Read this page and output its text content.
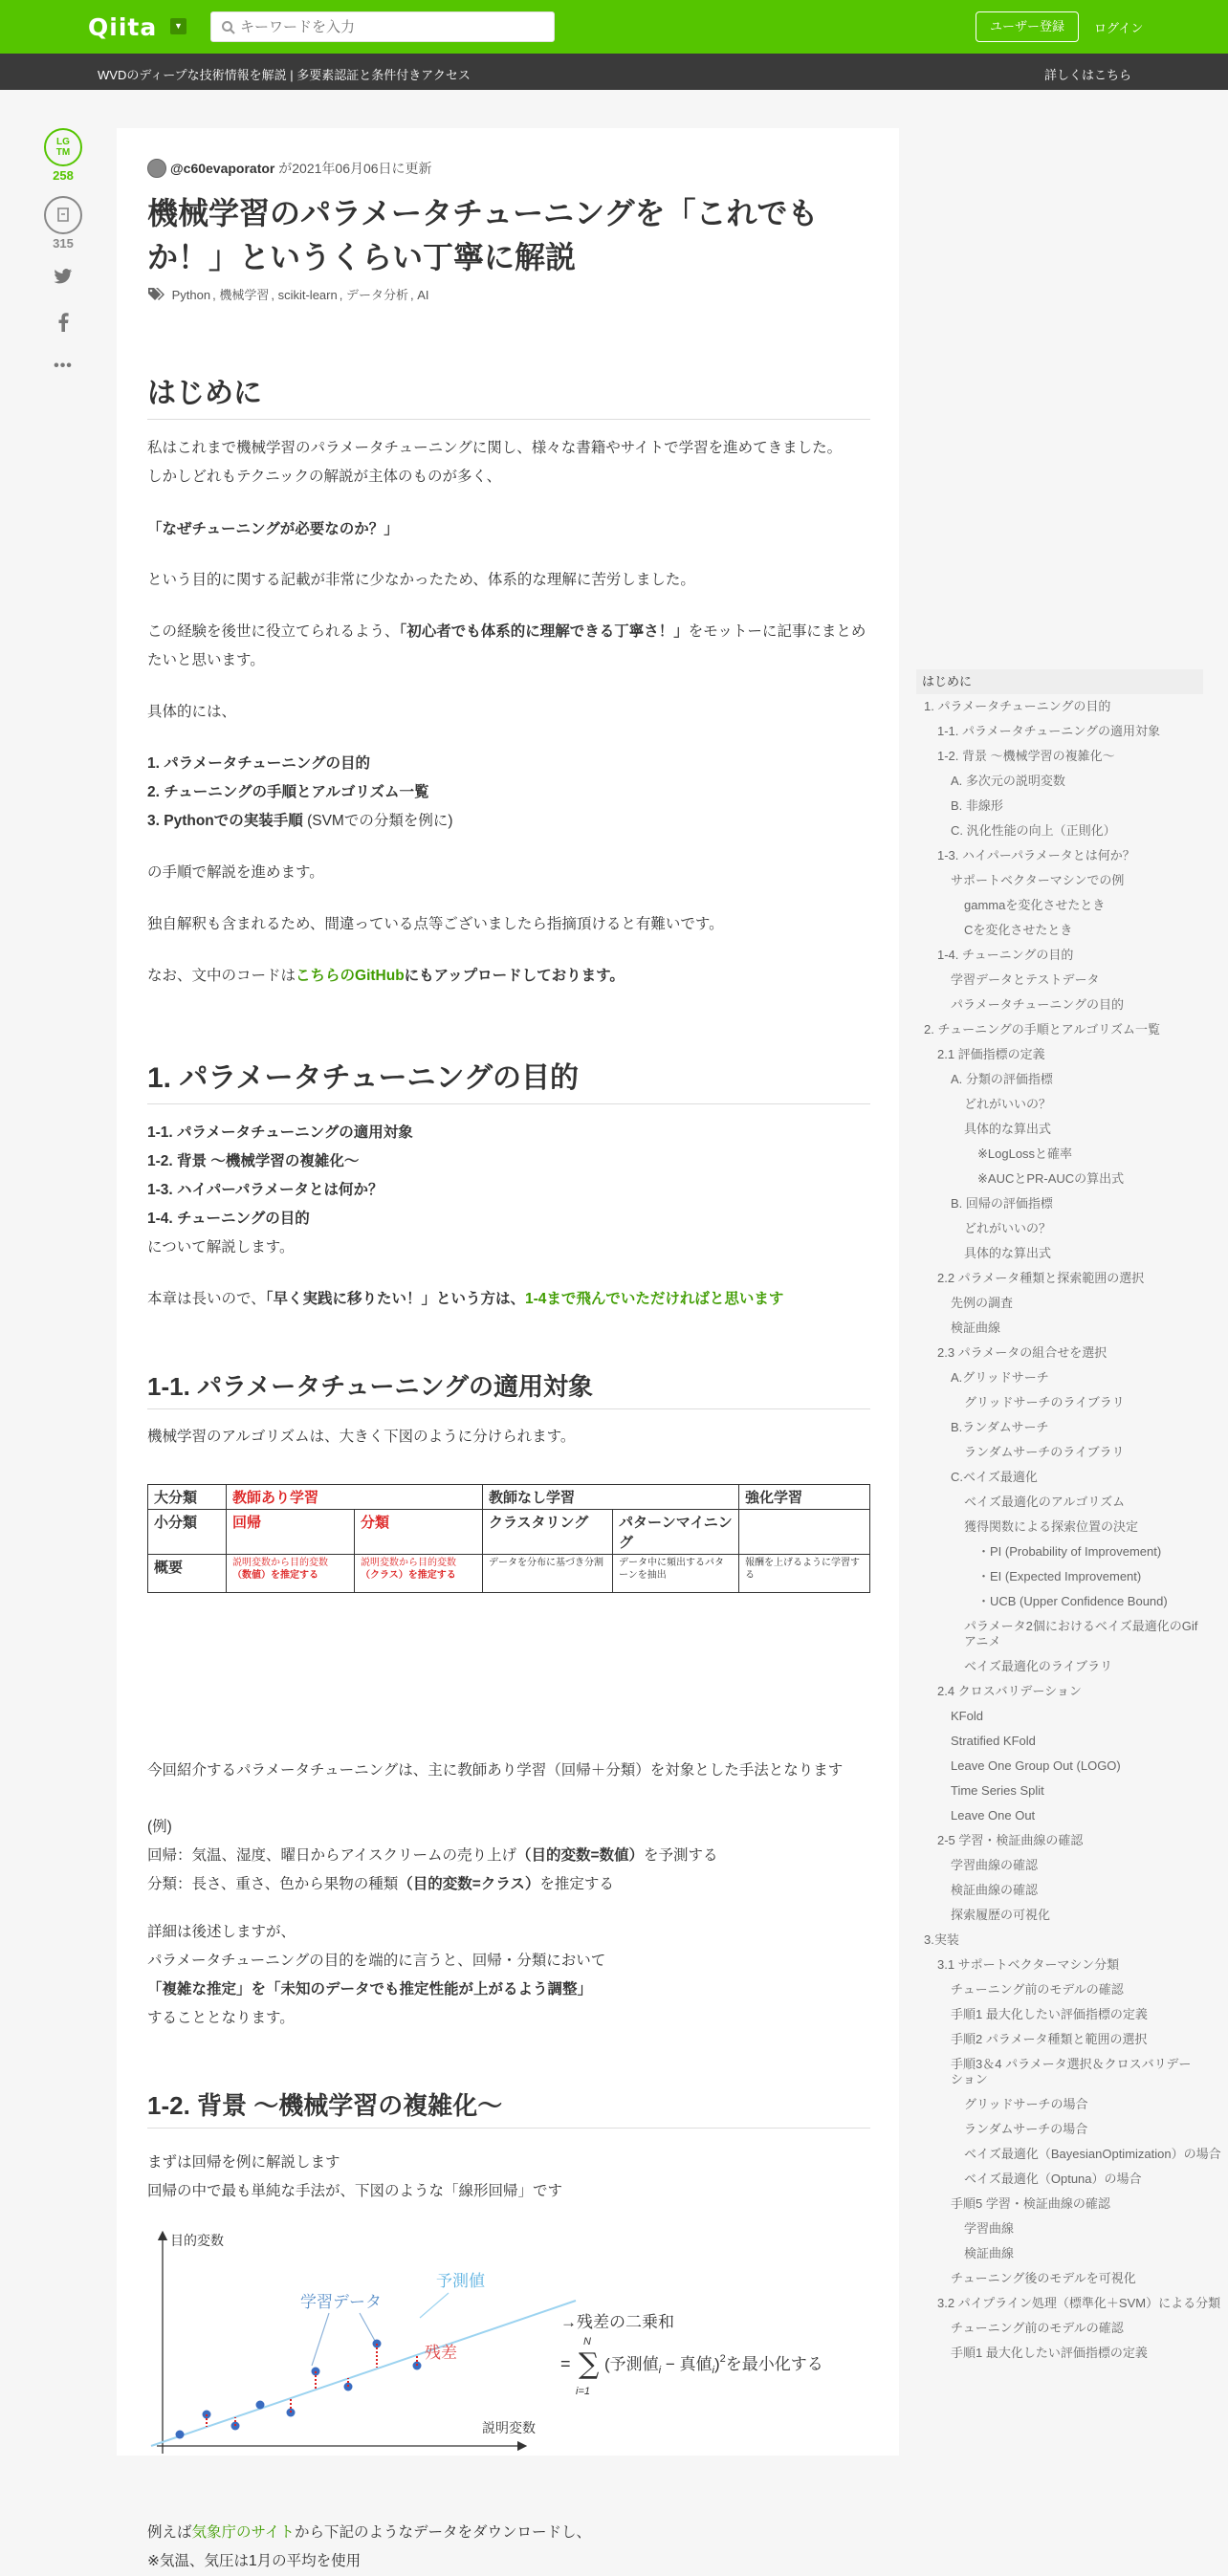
Qiita	▼
キーワードを入力	ユーザー登録	ログイン
WVDのディープな技術情報を解説 | 多要素認証と条件付きアクセス	詳しくはこちら
LG
TM
258
315
•••
@c60evaporator が2021年06月06日に更新
機械学習のパラメータチューニングを「これでもか！」というくらい丁寧に解説
Python , 機械学習 , scikit-learn , データ分析 , AI
はじめに
私はこれまで機械学習のパラメータチューニングに関し、様々な書籍やサイトで学習を進めてきました。
しかしどれもテクニックの解説が主体のものが多く、
「なぜチューニングが必要なのか？」
という目的に関する記載が非常に少なかったため、体系的な理解に苦労しました。
この経験を後世に役立てられるよう、「初心者でも体系的に理解できる丁寧さ！」をモットーに記事にまとめたいと思います。
具体的には、
1. パラメータチューニングの目的
2. チューニングの手順とアルゴリズム一覧
3. Pythonでの実装手順 (SVMでの分類を例に)
の手順で解説を進めます。
独自解釈も含まれるため、間違っている点等ございましたら指摘頂けると有難いです。
なお、文中のコードはこちらのGitHubにもアップロードしております。
1. パラメータチューニングの目的
1-1. パラメータチューニングの適用対象
1-2. 背景 ～機械学習の複雑化～
1-3. ハイパーパラメータとは何か？
1-4. チューニングの目的
について解説します。
本章は長いので、「早く実践に移りたい！」という方は、1-4まで飛んでいただければと思います
1-1. パラメータチューニングの適用対象
機械学習のアルゴリズムは、大きく下図のように分けられます。
大分類	教師あり学習		教師なし学習		強化学習
小分類	回帰	分類	クラスタリング	パターンマイニング	
概要	説明変数から目的変数
（数値）を推定する	説明変数から目的変数
（クラス）を推定する	データを分布に基づき分割	データ中に頻出するパターンを抽出	報酬を上げるように学習する
今回紹介するパラメータチューニングは、主に教師あり学習（回帰＋分類）を対象とした手法となります
(例)
回帰：気温、湿度、曜日からアイスクリームの売り上げ（目的変数=数値）を予測する
分類：長さ、重さ、色から果物の種類（目的変数=クラス）を推定する
詳細は後述しますが、
パラメータチューニングの目的を端的に言うと、回帰・分類において
「複雑な推定」を「未知のデータでも推定性能が上がるよう調整」
することとなります。
1-2. 背景 ～機械学習の複雑化～
まずは回帰を例に解説します
回帰の中で最も単純な手法が、下図のような「線形回帰」です
目的変数
説明変数
予測値
学習データ
残差
→残差の二乗和
N
∑
i=1
= (予測値$_i$ − 真値$_i$)$^2$を最小化する
例えば気象庁のサイトから下記のようなデータをダウンロードし、
※気温、気圧は1月の平均を使用
はじめに
1. パラメータチューニングの目的
1-1. パラメータチューニングの適用対象
1-2. 背景 ～機械学習の複雑化～
A. 多次元の説明変数
B. 非線形
C. 汎化性能の向上（正則化）
1-3. ハイパーパラメータとは何か？
サポートベクターマシンでの例
gammaを変化させたとき
Cを変化させたとき
1-4. チューニングの目的
学習データとテストデータ
パラメータチューニングの目的
2. チューニングの手順とアルゴリズム一覧
2.1 評価指標の定義
A. 分類の評価指標
どれがいいの？
具体的な算出式
※LogLossと確率
※AUCとPR-AUCの算出式
B. 回帰の評価指標
どれがいいの？
具体的な算出式
2.2 パラメータ種類と探索範囲の選択
先例の調査
検証曲線
2.3 パラメータの組合せを選択
A.グリッドサーチ
グリッドサーチのライブラリ
B.ランダムサーチ
ランダムサーチのライブラリ
C.ベイズ最適化
ベイズ最適化のアルゴリズム
獲得関数による探索位置の決定
・PI (Probability of Improvement)
・EI (Expected Improvement)
・UCB (Upper Confidence Bound)
パラメータ2個におけるベイズ最適化のGifアニメ
ベイズ最適化のライブラリ
2.4 クロスバリデーション
KFold
Stratified KFold
Leave One Group Out (LOGO)
Time Series Split
Leave One Out
2-5 学習・検証曲線の確認
学習曲線の確認
検証曲線の確認
探索履歴の可視化
3.実装
3.1 サポートベクターマシン分類
チューニング前のモデルの確認
手順1 最大化したい評価指標の定義
手順2 パラメータ種類と範囲の選択
手順3＆4 パラメータ選択＆クロスバリデーション
グリッドサーチの場合
ランダムサーチの場合
ベイズ最適化（BayesianOptimization）の場合
ベイズ最適化（Optuna）の場合
手順5 学習・検証曲線の確認
学習曲線
検証曲線
チューニング後のモデルを可視化
3.2 パイプライン処理（標準化＋SVM）による分類
チューニング前のモデルの確認
手順1 最大化したい評価指標の定義
